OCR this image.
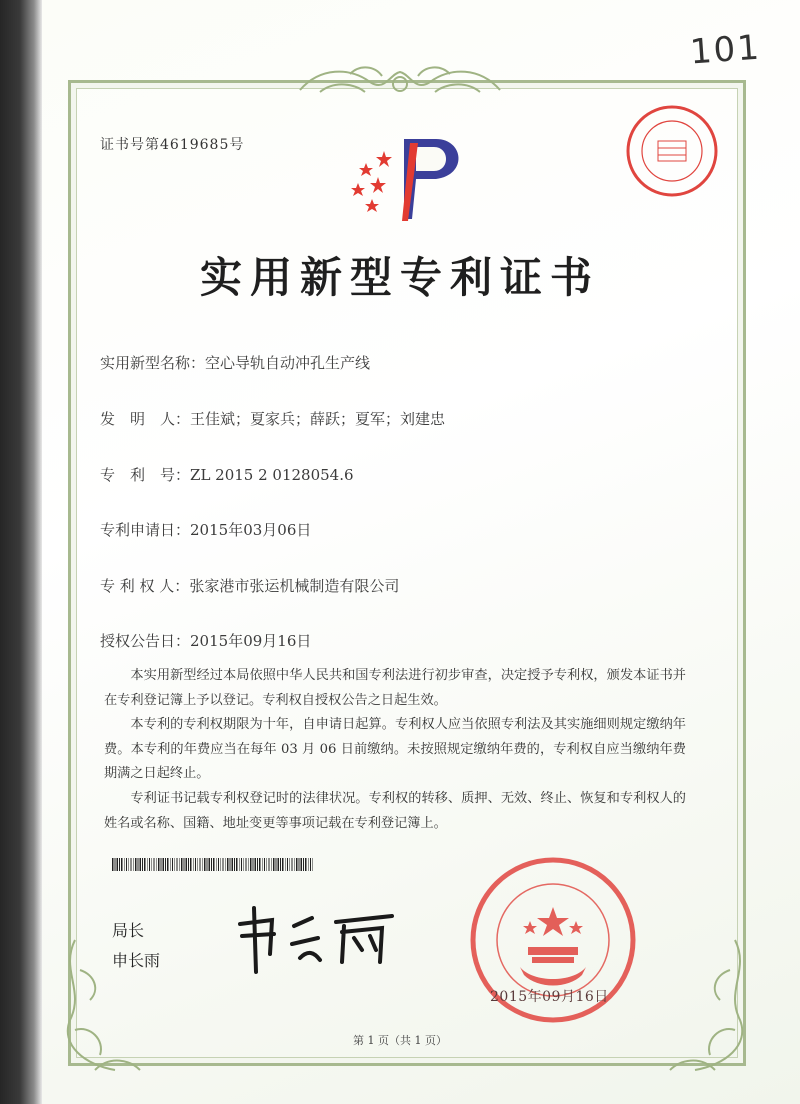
101
证书号第4619685号
实用新型专利证书
实用新型名称：空心导轨自动冲孔生产线
发　明　人：王佳斌；夏家兵；薛跃；夏军；刘建忠
专　利　号：ZL 2015 2 0128054.6
专利申请日：2015年03月06日
专 利 权 人：张家港市张运机械制造有限公司
授权公告日：2015年09月16日

本实用新型经过本局依照中华人民共和国专利法进行初步审查，决定授予专利权，颁发本证书并在专利登记簿上予以登记。专利权自授权公告之日起生效。

本专利的专利权期限为十年，自申请日起算。专利权人应当依照专利法及其实施细则规定缴纳年费。本专利的年费应当在每年 03 月 06 日前缴纳。未按照规定缴纳年费的，专利权自应当缴纳年费期满之日起终止。

专利证书记载专利权登记时的法律状况。专利权的转移、质押、无效、终止、恢复和专利权人的姓名或名称、国籍、地址变更等事项记载在专利登记簿上。

局长
申长雨
2015年09月16日
第 1 页（共 1 页）
